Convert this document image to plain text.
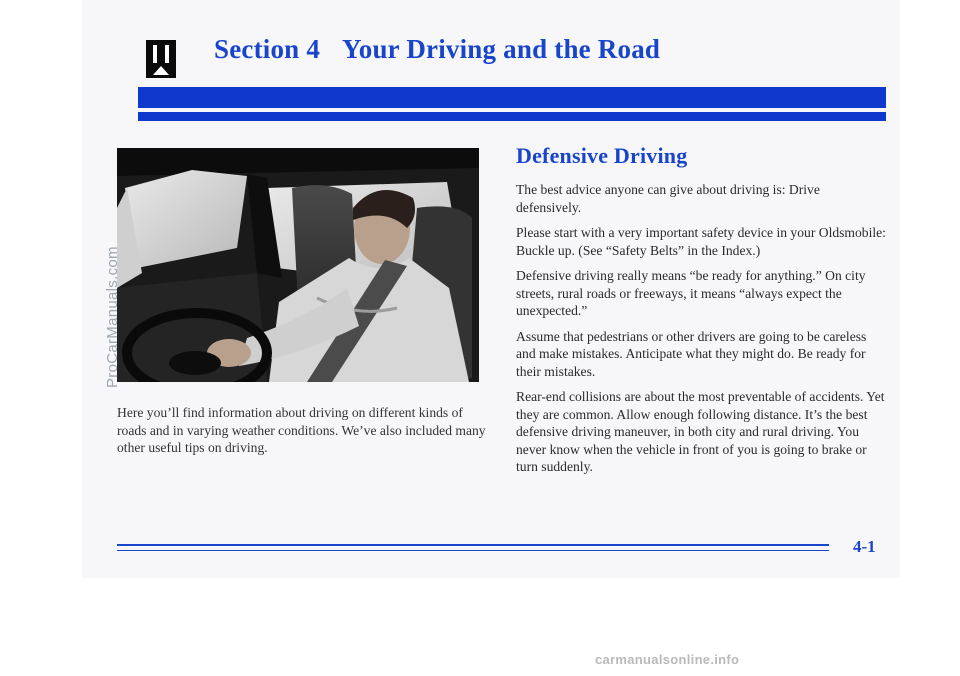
Section 4 Your Driving and the Road

Here you’ll find information about driving on different kinds of roads and in varying weather conditions. We’ve also included many other useful tips on driving.

Defensive Driving

The best advice anyone can give about driving is: Drive defensively.

Please start with a very important safety device in your Oldsmobile: Buckle up. (See “Safety Belts” in the Index.)

Defensive driving really means “be ready for anything.” On city streets, rural roads or freeways, it means “always expect the unexpected.”

Assume that pedestrians or other drivers are going to be careless and make mistakes. Anticipate what they might do. Be ready for their mistakes.

Rear-end collisions are about the most preventable of accidents. Yet they are common. Allow enough following distance. It’s the best defensive driving maneuver, in both city and rural driving. You never know when the vehicle in front of you is going to brake or turn suddenly.

4-1

ProCarManuals.com
carmanualsonline.info
